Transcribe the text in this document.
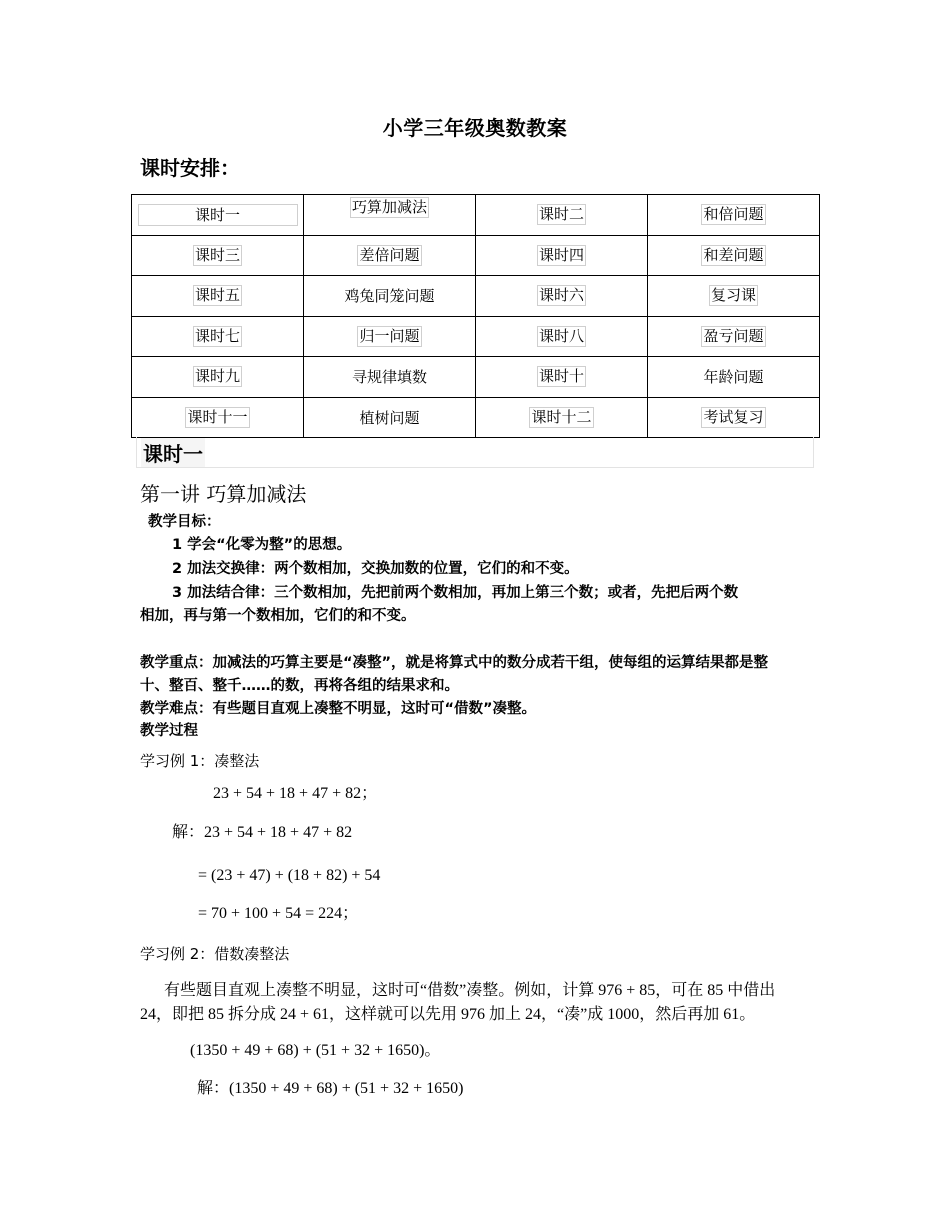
小学三年级奥数教案
课时安排：
课时一	巧算加减法	课时二	和倍问题
课时三	差倍问题	课时四	和差问题
课时五	鸡兔同笼问题	课时六	复习课
课时七	归一问题	课时八	盈亏问题
课时九	寻规律填数	课时十	年龄问题
课时十一	植树问题	课时十二	考试复习
课时一
第一讲 巧算加减法
教学目标：
1 学会“化零为整”的思想。
2 加法交换律：两个数相加，交换加数的位置，它们的和不变。
3 加法结合律：三个数相加，先把前两个数相加，再加上第三个数；或者，先把后两个数
相加，再与第一个数相加，它们的和不变。
教学重点：加减法的巧算主要是“凑整”，就是将算式中的数分成若干组，使每组的运算结果都是整
十、整百、整千……的数，再将各组的结果求和。
教学难点：有些题目直观上凑整不明显，这时可“借数”凑整。
教学过程
学习例 1：凑整法
23 + 54 + 18 + 47 + 82；
解：23 + 54 + 18 + 47 + 82
= (23 + 47) + (18 + 82) + 54
= 70 + 100 + 54 = 224；
学习例 2：借数凑整法
有些题目直观上凑整不明显，这时可“借数”凑整。例如，计算 976 + 85，可在 85 中借出
24，即把 85 拆分成 24 + 61，这样就可以先用 976 加上 24，“凑”成 1000，然后再加 61。
(1350 + 49 + 68) + (51 + 32 + 1650)。
解：(1350 + 49 + 68) + (51 + 32 + 1650)
